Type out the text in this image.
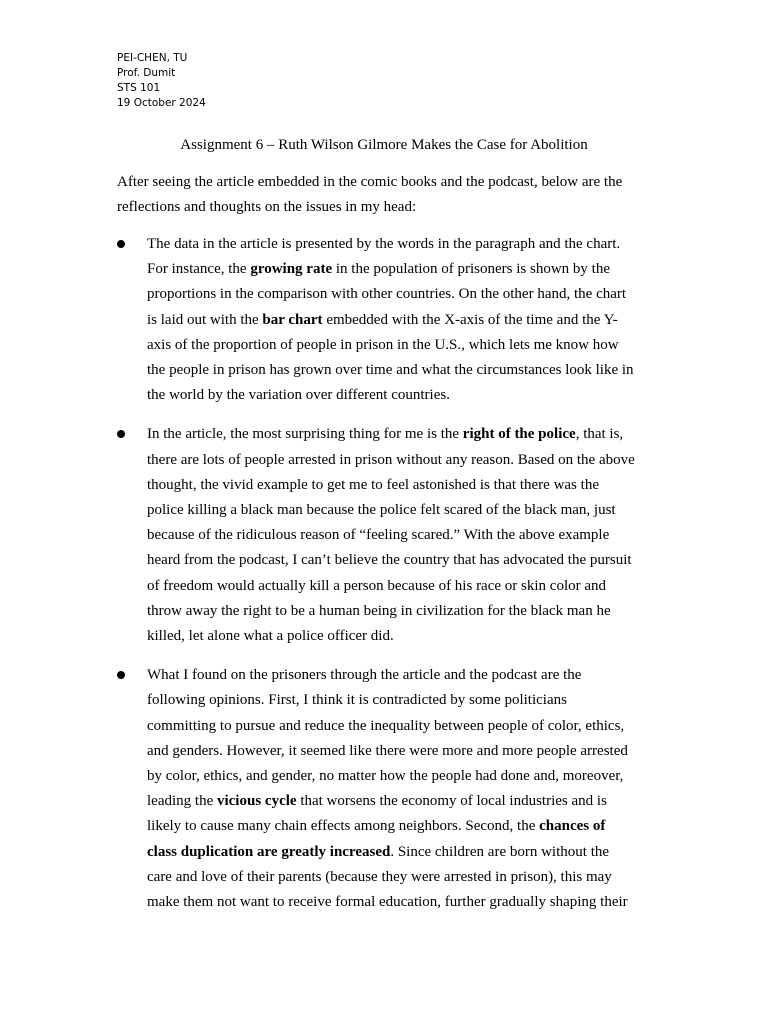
PEI-CHEN, TU
Prof. Dumit
STS 101
19 October 2024
Assignment 6 – Ruth Wilson Gilmore Makes the Case for Abolition
After seeing the article embedded in the comic books and the podcast, below are the
reflections and thoughts on the issues in my head:
The data in the article is presented by the words in the paragraph and the chart.
For instance, the growing rate in the population of prisoners is shown by the
proportions in the comparison with other countries. On the other hand, the chart
is laid out with the bar chart embedded with the X-axis of the time and the Y-
axis of the proportion of people in prison in the U.S., which lets me know how
the people in prison has grown over time and what the circumstances look like in
the world by the variation over different countries.
In the article, the most surprising thing for me is the right of the police, that is,
there are lots of people arrested in prison without any reason. Based on the above
thought, the vivid example to get me to feel astonished is that there was the
police killing a black man because the police felt scared of the black man, just
because of the ridiculous reason of “feeling scared.” With the above example
heard from the podcast, I can’t believe the country that has advocated the pursuit
of freedom would actually kill a person because of his race or skin color and
throw away the right to be a human being in civilization for the black man he
killed, let alone what a police officer did.
What I found on the prisoners through the article and the podcast are the
following opinions. First, I think it is contradicted by some politicians
committing to pursue and reduce the inequality between people of color, ethics,
and genders. However, it seemed like there were more and more people arrested
by color, ethics, and gender, no matter how the people had done and, moreover,
leading the vicious cycle that worsens the economy of local industries and is
likely to cause many chain effects among neighbors. Second, the chances of
class duplication are greatly increased. Since children are born without the
care and love of their parents (because they were arrested in prison), this may
make them not want to receive formal education, further gradually shaping their
